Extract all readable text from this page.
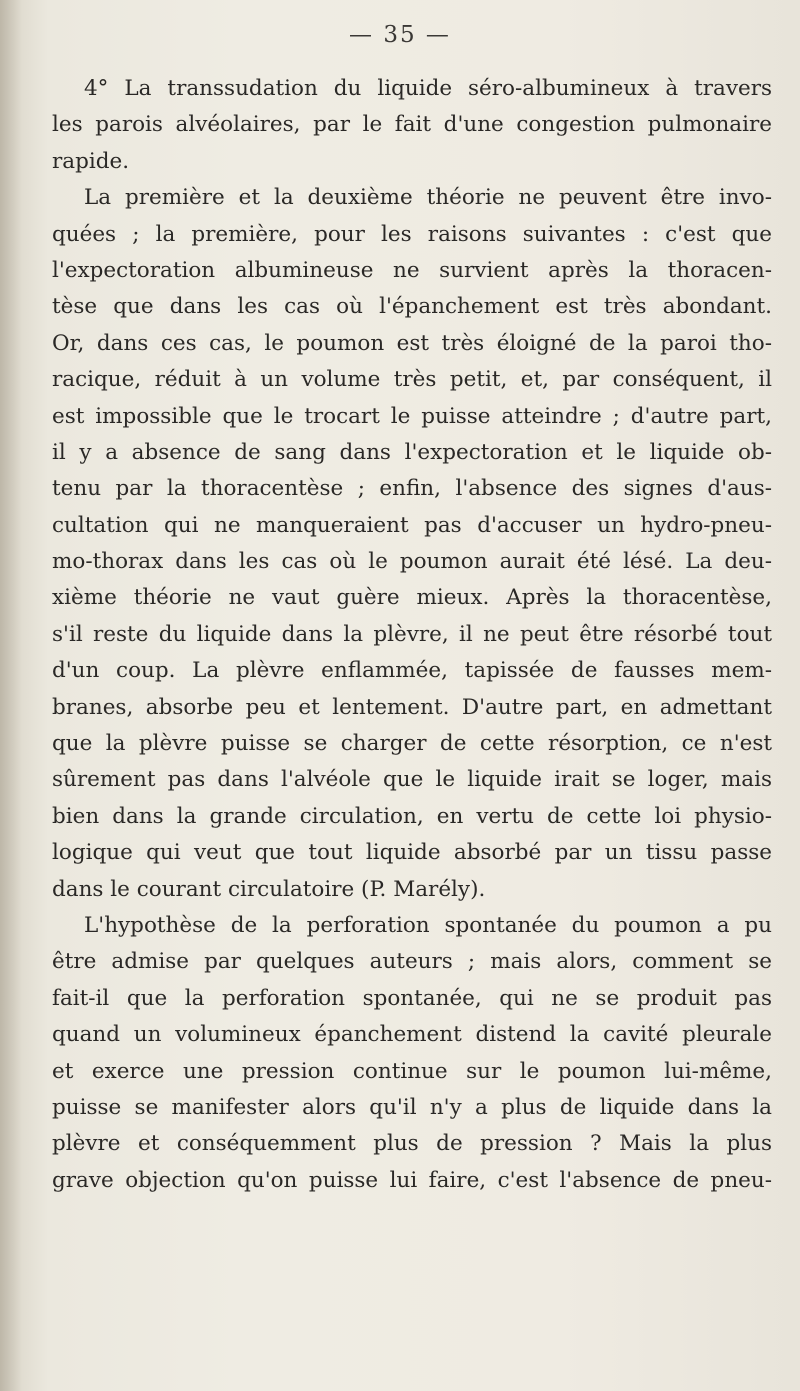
— 35 —
4° La transsudation du liquide séro-albumineux à travers
les parois alvéolaires, par le fait d'une congestion pulmonaire
rapide.
La première et la deuxième théorie ne peuvent être invo-
quées ; la première, pour les raisons suivantes : c'est que
l'expectoration albumineuse ne survient après la thoracen-
tèse que dans les cas où l'épanchement est très abondant.
Or, dans ces cas, le poumon est très éloigné de la paroi tho-
racique, réduit à un volume très petit, et, par conséquent, il
est impossible que le trocart le puisse atteindre ; d'autre part,
il y a absence de sang dans l'expectoration et le liquide ob-
tenu par la thoracentèse ; enfin, l'absence des signes d'aus-
cultation qui ne manqueraient pas d'accuser un hydro-pneu-
mo-thorax dans les cas où le poumon aurait été lésé. La deu-
xième théorie ne vaut guère mieux. Après la thoracentèse,
s'il reste du liquide dans la plèvre, il ne peut être résorbé tout
d'un coup. La plèvre enflammée, tapissée de fausses mem-
branes, absorbe peu et lentement. D'autre part, en admettant
que la plèvre puisse se charger de cette résorption, ce n'est
sûrement pas dans l'alvéole que le liquide irait se loger, mais
bien dans la grande circulation, en vertu de cette loi physio-
logique qui veut que tout liquide absorbé par un tissu passe
dans le courant circulatoire (P. Marély).
L'hypothèse de la perforation spontanée du poumon a pu
être admise par quelques auteurs ; mais alors, comment se
fait-il que la perforation spontanée, qui ne se produit pas
quand un volumineux épanchement distend la cavité pleurale
et exerce une pression continue sur le poumon lui-même,
puisse se manifester alors qu'il n'y a plus de liquide dans la
plèvre et conséquemment plus de pression ? Mais la plus
grave objection qu'on puisse lui faire, c'est l'absence de pneu-
